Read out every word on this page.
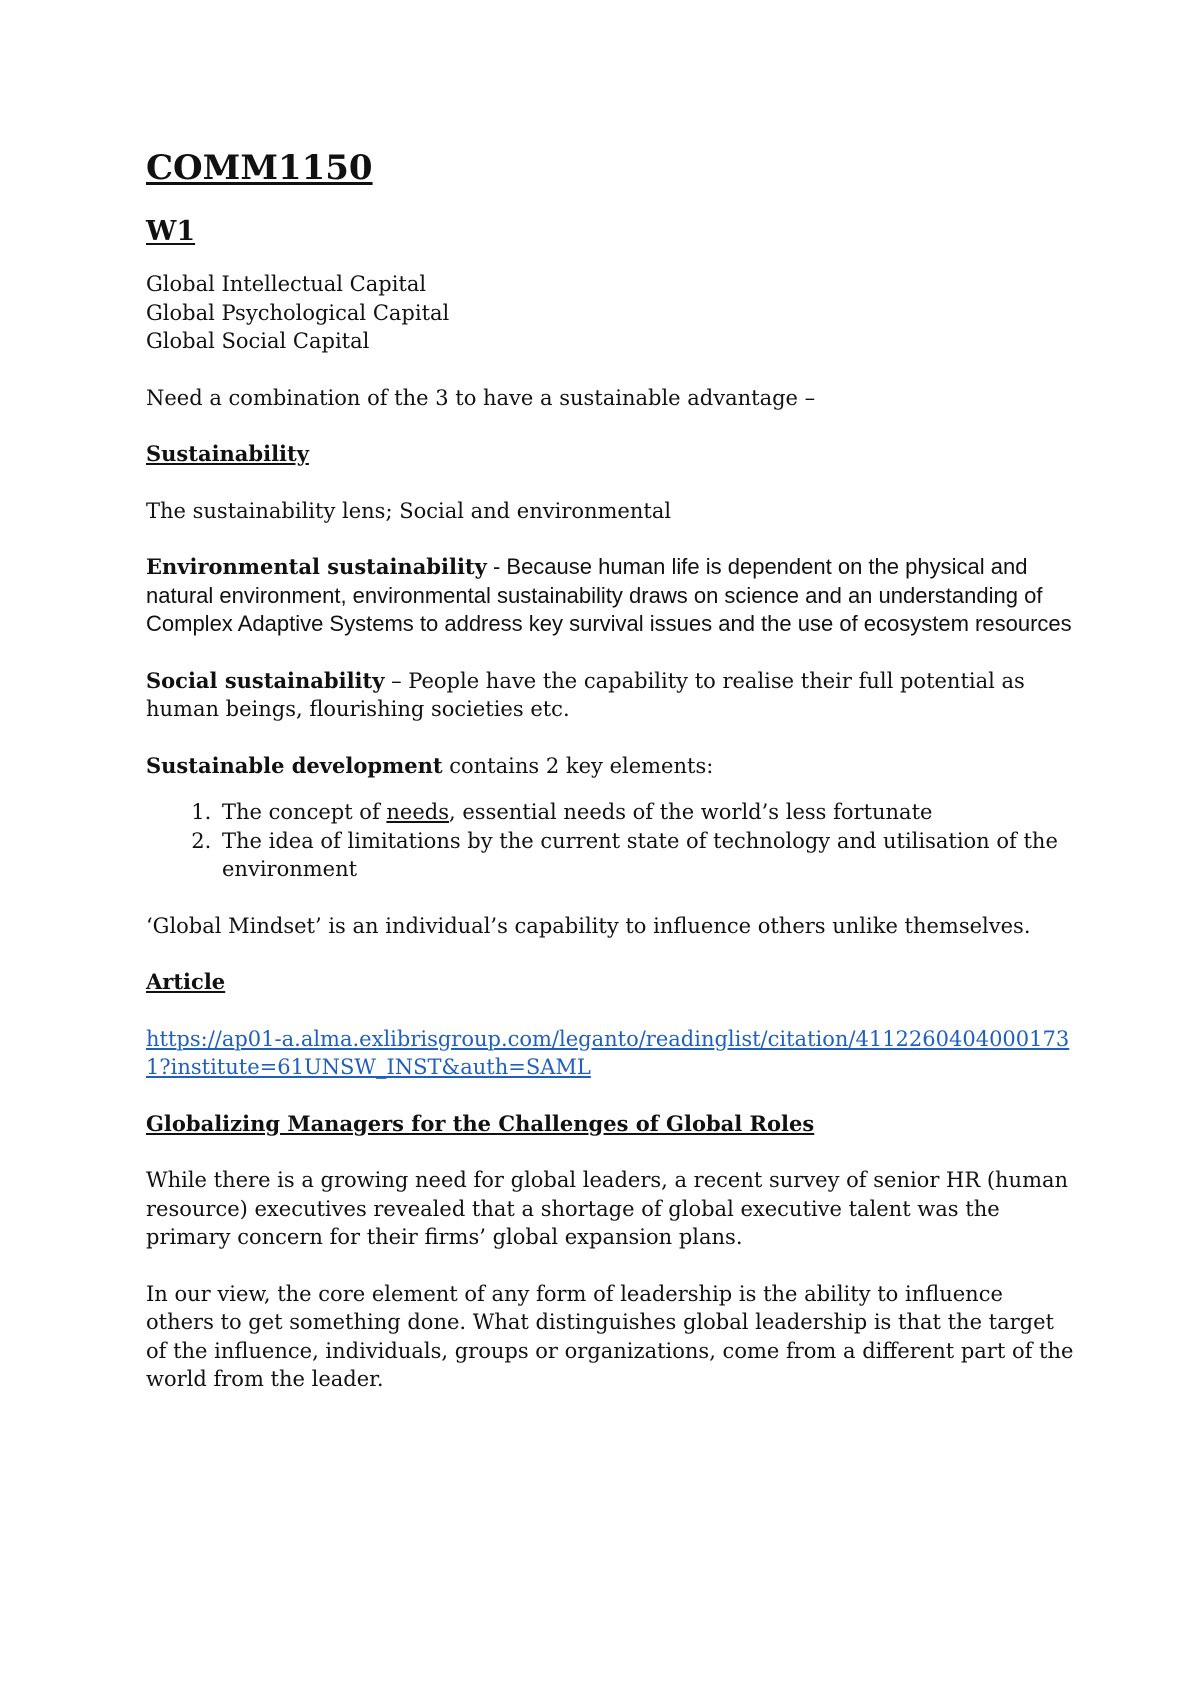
COMM1150
W1

Global Intellectual Capital

Global Psychological Capital

Global Social Capital

Need a combination of the 3 to have a sustainable advantage –

Sustainability

The sustainability lens; Social and environmental

Environmental sustainability - Because human life is dependent on the physical and natural environment, environmental sustainability draws on science and an understanding of Complex Adaptive Systems to address key survival issues and the use of ecosystem resources

Social sustainability – People have the capability to realise their full potential as human beings, flourishing societies etc.

Sustainable development contains 2 key elements:

1. The concept of needs, essential needs of the world’s less fortunate
2. The idea of limitations by the current state of technology and utilisation of the environment

‘Global Mindset’ is an individual’s capability to influence others unlike themselves.

Article

https://ap01-a.alma.exlibrisgroup.com/leganto/readinglist/citation/41122604040001731?institute=61UNSW_INST&auth=SAML

Globalizing Managers for the Challenges of Global Roles

While there is a growing need for global leaders, a recent survey of senior HR (human resource) executives revealed that a shortage of global executive talent was the primary concern for their firms’ global expansion plans.

In our view, the core element of any form of leadership is the ability to influence others to get something done. What distinguishes global leadership is that the target of the influence, individuals, groups or organizations, come from a different part of the world from the leader.
